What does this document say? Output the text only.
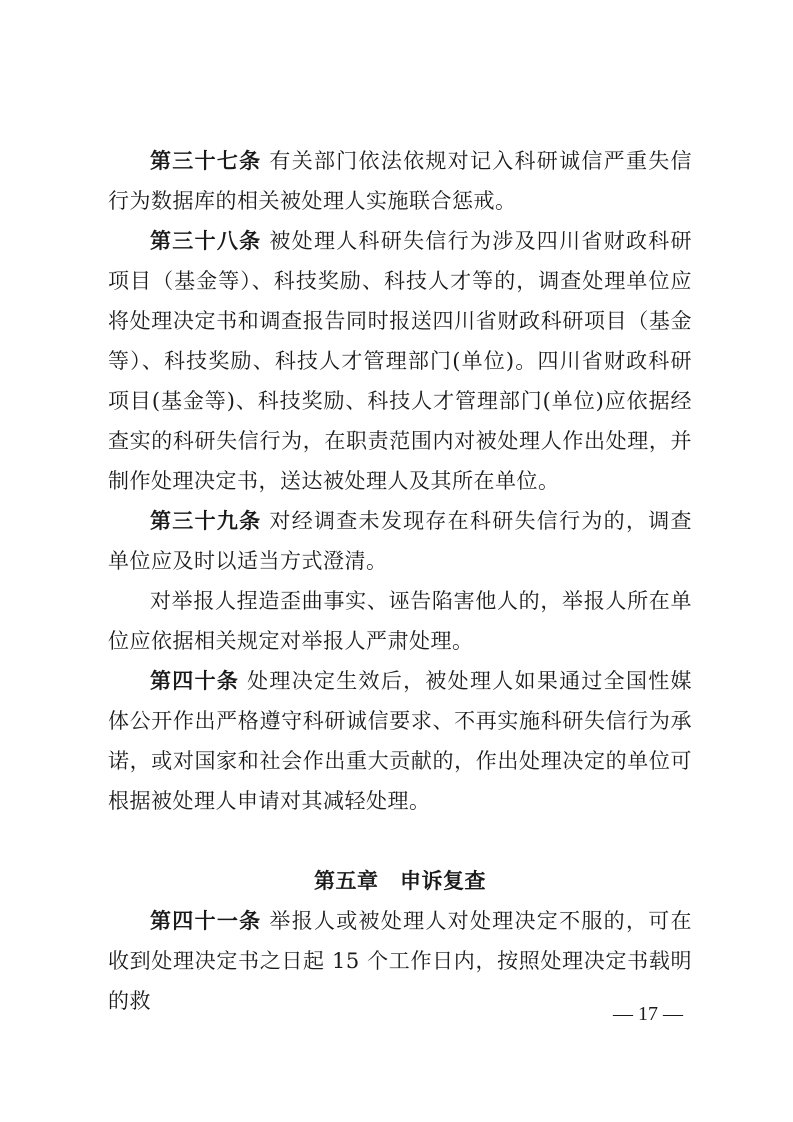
第三十七条 有关部门依法依规对记入科研诚信严重失信行为数据库的相关被处理人实施联合惩戒。

第三十八条 被处理人科研失信行为涉及四川省财政科研项目（基金等）、科技奖励、科技人才等的，调查处理单位应将处理决定书和调查报告同时报送四川省财政科研项目（基金等）、科技奖励、科技人才管理部门(单位)。四川省财政科研项目(基金等)、科技奖励、科技人才管理部门(单位)应依据经查实的科研失信行为，在职责范围内对被处理人作出处理，并制作处理决定书，送达被处理人及其所在单位。

第三十九条 对经调查未发现存在科研失信行为的，调查单位应及时以适当方式澄清。

对举报人捏造歪曲事实、诬告陷害他人的，举报人所在单位应依据相关规定对举报人严肃处理。

第四十条 处理决定生效后，被处理人如果通过全国性媒体公开作出严格遵守科研诚信要求、不再实施科研失信行为承诺，或对国家和社会作出重大贡献的，作出处理决定的单位可根据被处理人申请对其减轻处理。

第五章　申诉复查

第四十一条 举报人或被处理人对处理决定不服的，可在收到处理决定书之日起 15 个工作日内，按照处理决定书载明的救

— 17 —
